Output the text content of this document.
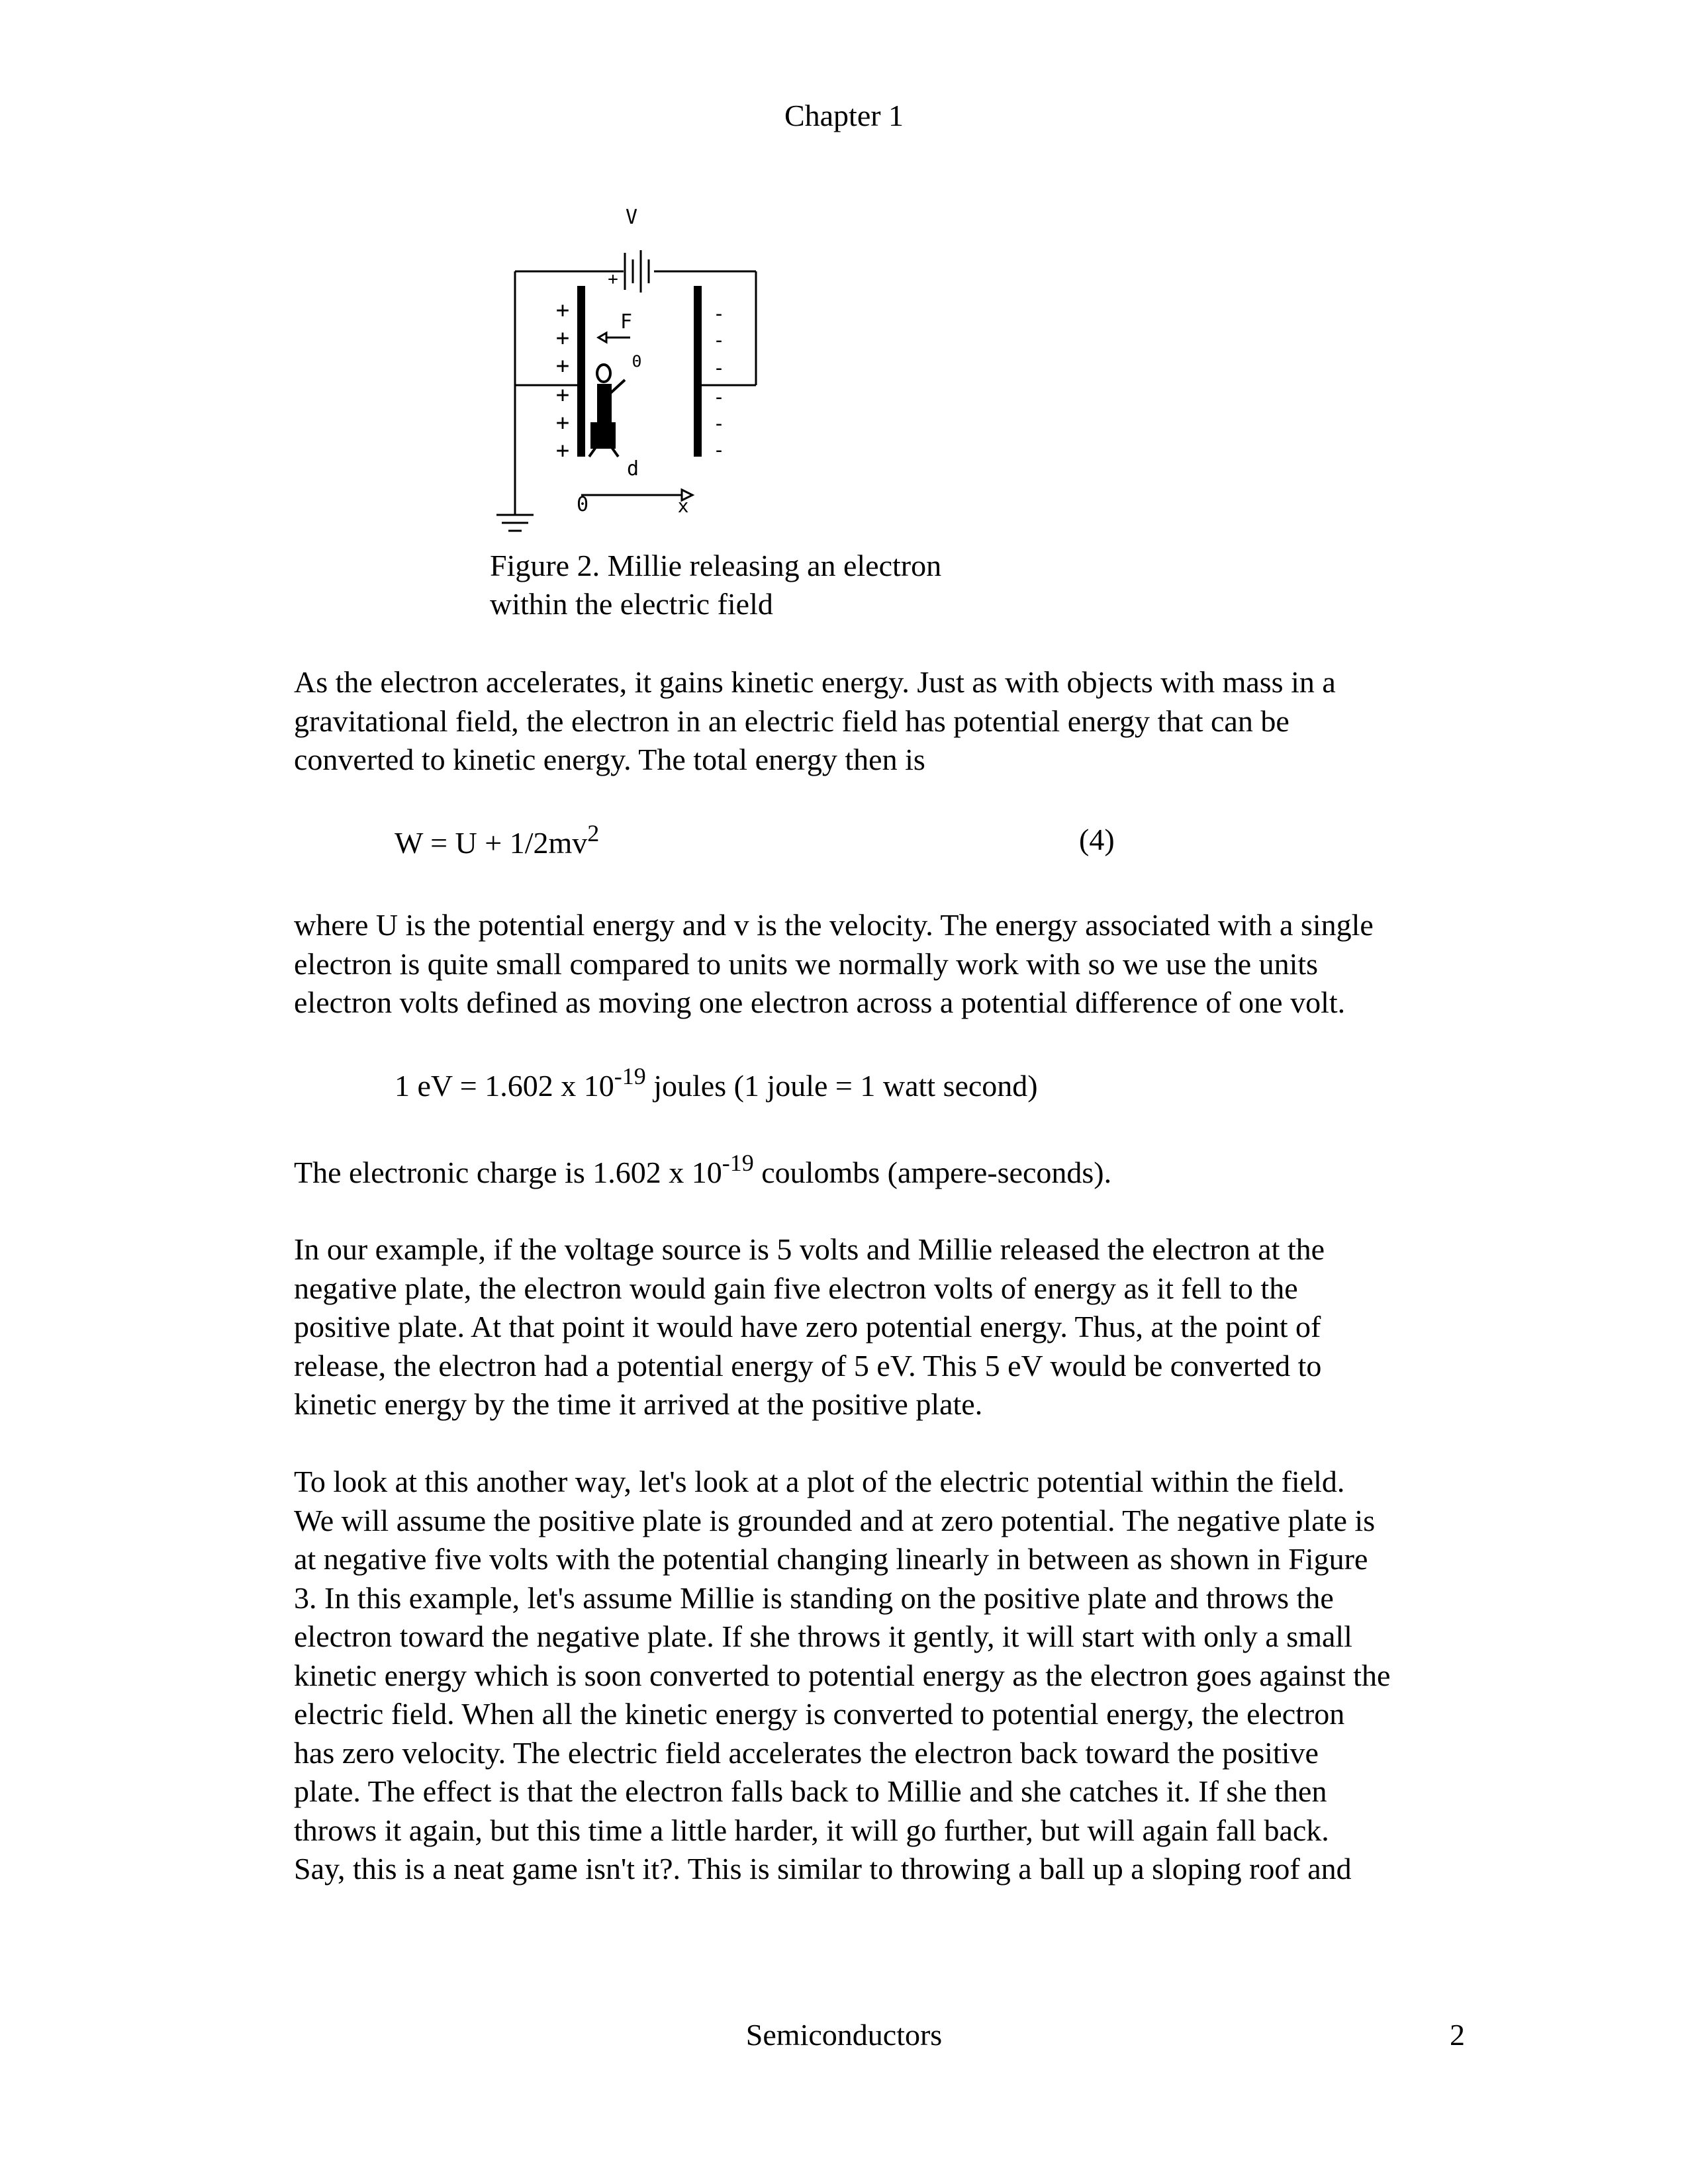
Chapter 1
V
+
F
Θ
d
0	x
+
+
+
+
+
+
-
-
-
-
-
-
Figure 2. Millie releasing an electron
within the electric field
As the electron accelerates, it gains kinetic energy. Just as with objects with mass in a
gravitational field, the electron in an electric field has potential energy that can be
converted to kinetic energy. The total energy then is
$W = U + 1/2mv^2$	(4)
where U is the potential energy and v is the velocity. The energy associated with a single
electron is quite small compared to units we normally work with so we use the units
electron volts defined as moving one electron across a potential difference of one volt.
1 eV = 1.602 x $10^{-19}$ joules (1 joule = 1 watt second)
The electronic charge is 1.602 x $10^{-19}$ coulombs (ampere-seconds).
In our example, if the voltage source is 5 volts and Millie released the electron at the
negative plate, the electron would gain five electron volts of energy as it fell to the
positive plate. At that point it would have zero potential energy. Thus, at the point of
release, the electron had a potential energy of 5 eV. This 5 eV would be converted to
kinetic energy by the time it arrived at the positive plate.
To look at this another way, let's look at a plot of the electric potential within the field.
We will assume the positive plate is grounded and at zero potential. The negative plate is
at negative five volts with the potential changing linearly in between as shown in Figure
3. In this example, let's assume Millie is standing on the positive plate and throws the
electron toward the negative plate. If she throws it gently, it will start with only a small
kinetic energy which is soon converted to potential energy as the electron goes against the
electric field. When all the kinetic energy is converted to potential energy, the electron
has zero velocity. The electric field accelerates the electron back toward the positive
plate. The effect is that the electron falls back to Millie and she catches it. If she then
throws it again, but this time a little harder, it will go further, but will again fall back.
Say, this is a neat game isn't it?. This is similar to throwing a ball up a sloping roof and
Semiconductors	2
